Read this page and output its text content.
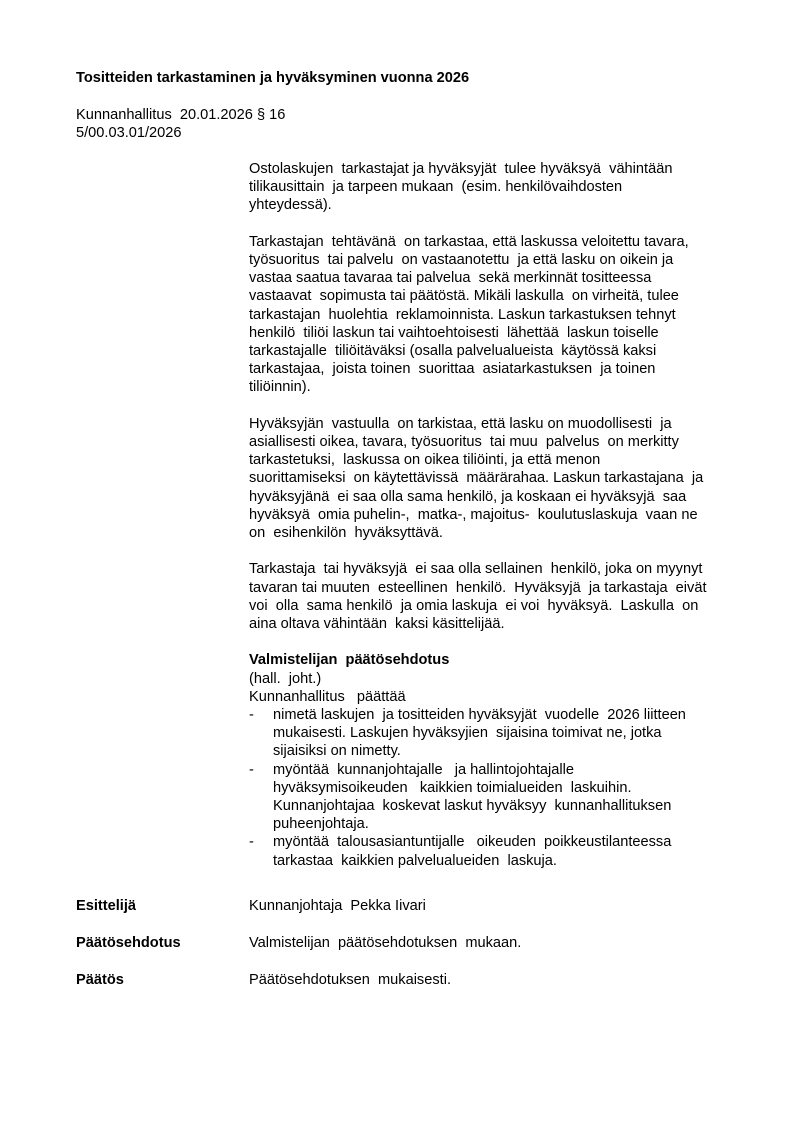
Tositteiden tarkastaminen ja hyväksyminen vuonna 2026
Kunnanhallitus  20.01.2026 § 16
5/00.03.01/2026

Ostolaskujen  tarkastajat ja hyväksyjät  tulee hyväksyä  vähintään
tilikausittain  ja tarpeen mukaan  (esim. henkilövaihdosten
yhteydessä).

Tarkastajan  tehtävänä  on tarkastaa, että laskussa veloitettu tavara,
työsuoritus  tai palvelu  on vastaanotettu  ja että lasku on oikein ja
vastaa saatua tavaraa tai palvelua  sekä merkinnät tositteessa
vastaavat  sopimusta tai päätöstä. Mikäli laskulla  on virheitä, tulee
tarkastajan  huolehtia  reklamoinnista. Laskun tarkastuksen tehnyt
henkilö  tiliöi laskun tai vaihtoehtoisesti  lähettää  laskun toiselle
tarkastajalle  tiliöitäväksi (osalla palvelualueista  käytössä kaksi
tarkastajaa,  joista toinen  suorittaa  asiatarkastuksen  ja toinen
tiliöinnin).

Hyväksyjän  vastuulla  on tarkistaa, että lasku on muodollisesti  ja
asiallisesti oikea, tavara, työsuoritus  tai muu  palvelus  on merkitty
tarkastetuksi,  laskussa on oikea tiliöinti, ja että menon
suorittamiseksi  on käytettävissä  määrärahaa. Laskun tarkastajana  ja
hyväksyjänä  ei saa olla sama henkilö, ja koskaan ei hyväksyjä  saa
hyväksyä  omia puhelin-,  matka-, majoitus-  koulutuslaskuja  vaan ne
on  esihenkilön  hyväksyttävä.

Tarkastaja  tai hyväksyjä  ei saa olla sellainen  henkilö, joka on myynyt
tavaran tai muuten  esteellinen  henkilö.  Hyväksyjä  ja tarkastaja  eivät
voi  olla  sama henkilö  ja omia laskuja  ei voi  hyväksyä.  Laskulla  on
aina oltava vähintään  kaksi käsittelijää.

Valmistelijan  päätösehdotus
(hall.  joht.)
Kunnanhallitus   päättää
- nimetä laskujen  ja tositteiden hyväksyjät  vuodelle  2026 liitteen
mukaisesti. Laskujen hyväksyjien  sijaisina toimivat ne, jotka
sijaisiksi on nimetty.
- myöntää  kunnanjohtajalle   ja hallintojohtajalle
hyväksymisoikeuden   kaikkien toimialueiden  laskuihin.
Kunnanjohtajaa  koskevat laskut hyväksyy  kunnanhallituksen
puheenjohtaja.
- myöntää  talousasiantuntijalle   oikeuden  poikkeustilanteessa
tarkastaa  kaikkien palvelualueiden  laskuja.
Esittelijä	Kunnanjohtaja  Pekka Iivari
Päätösehdotus	Valmistelijan  päätösehdotuksen  mukaan.
Päätös	Päätösehdotuksen  mukaisesti.
